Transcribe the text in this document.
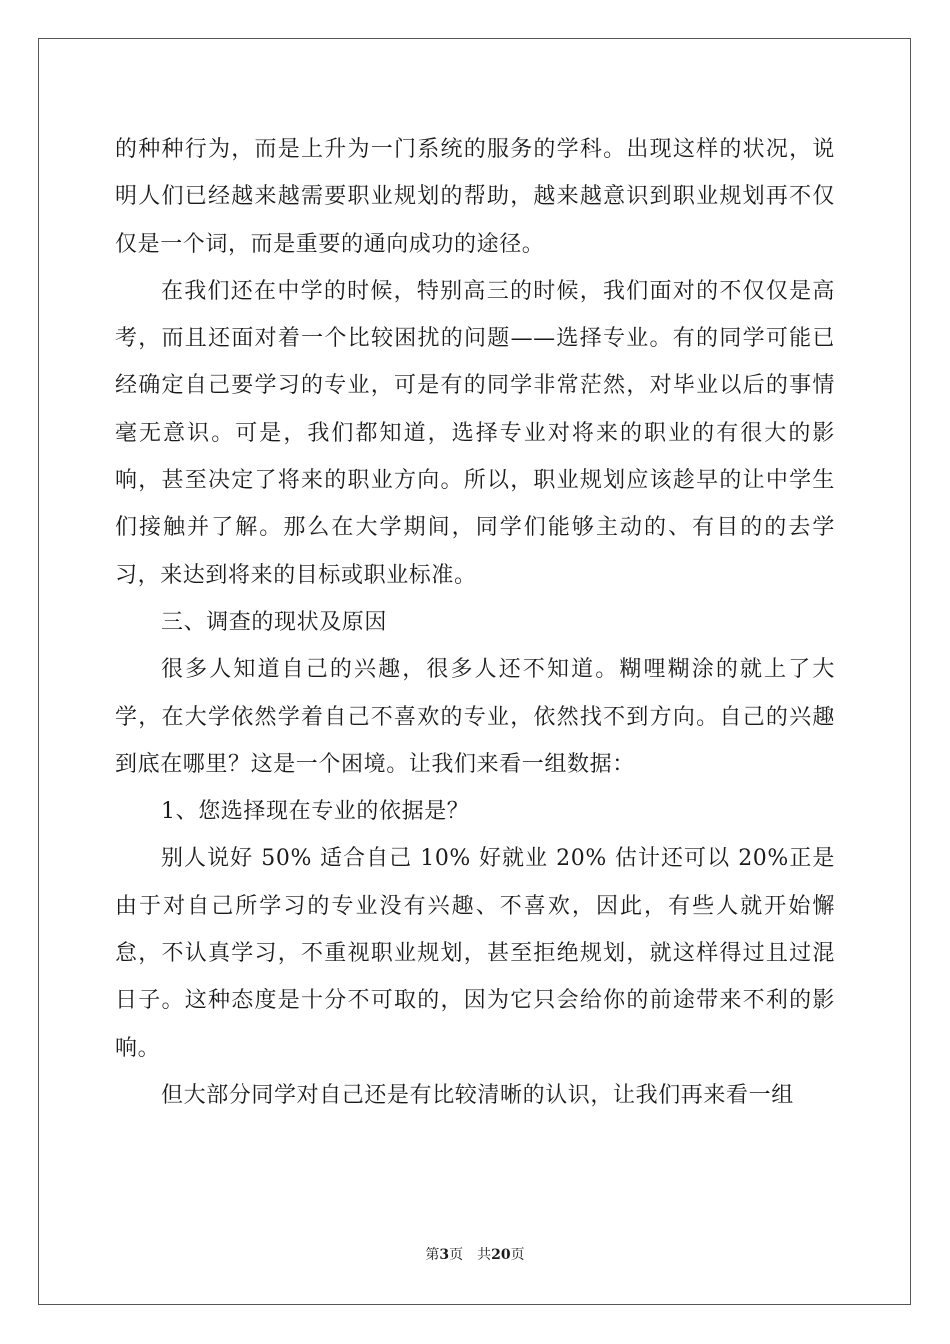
的种种行为，而是上升为一门系统的服务的学科。出现这样的状况，说明人们已经越来越需要职业规划的帮助，越来越意识到职业规划再不仅仅是一个词，而是重要的通向成功的途径。

在我们还在中学的时候，特别高三的时候，我们面对的不仅仅是高考，而且还面对着一个比较困扰的问题——选择专业。有的同学可能已经确定自己要学习的专业，可是有的同学非常茫然，对毕业以后的事情毫无意识。可是，我们都知道，选择专业对将来的职业的有很大的影响，甚至决定了将来的职业方向。所以，职业规划应该趁早的让中学生们接触并了解。那么在大学期间，同学们能够主动的、有目的的去学习，来达到将来的目标或职业标准。

三、调查的现状及原因

很多人知道自己的兴趣，很多人还不知道。糊哩糊涂的就上了大学，在大学依然学着自己不喜欢的专业，依然找不到方向。自己的兴趣到底在哪里？这是一个困境。让我们来看一组数据：

1、您选择现在专业的依据是？

别人说好 50% 适合自己 10% 好就业 20% 估计还可以 20%正是由于对自己所学习的专业没有兴趣、不喜欢，因此，有些人就开始懈怠，不认真学习，不重视职业规划，甚至拒绝规划，就这样得过且过混日子。这种态度是十分不可取的，因为它只会给你的前途带来不利的影响。

但大部分同学对自己还是有比较清晰的认识，让我们再来看一组

第3页 共20页
